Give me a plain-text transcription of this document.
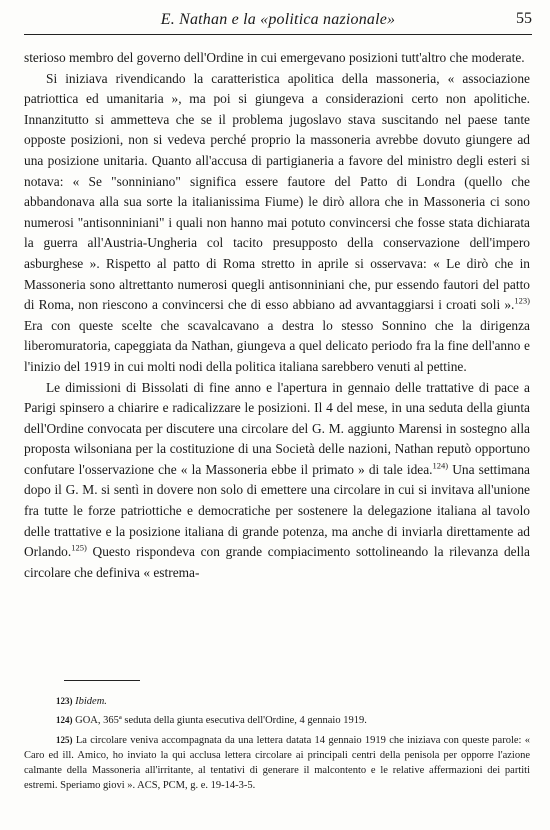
E. Nathan e la «politica nazionale»	55

sterioso membro del governo dell'Ordine in cui emergevano posizioni tutt'altro che moderate.

Si iniziava rivendicando la caratteristica apolitica della massoneria, « associazione patriottica ed umanitaria », ma poi si giungeva a considerazioni certo non apolitiche. Innanzitutto si ammetteva che se il problema jugoslavo stava suscitando nel paese tante opposte posizioni, non si vedeva perché proprio la massoneria avrebbe dovuto giungere ad una posizione unitaria. Quanto all'accusa di partigianeria a favore del ministro degli esteri si notava: « Se "sonniniano" significa essere fautore del Patto di Londra (quello che abbandonava alla sua sorte la italianissima Fiume) le dirò allora che in Massoneria ci sono numerosi "antisonniniani" i quali non hanno mai potuto convincersi che fosse stata dichiarata la guerra all'Austria-Ungheria col tacito presupposto della conservazione dell'impero asburghese ». Rispetto al patto di Roma stretto in aprile si osservava: « Le dirò che in Massoneria sono altrettanto numerosi quegli antisonniniani che, pur essendo fautori del patto di Roma, non riescono a convincersi che di esso abbiano ad avvantaggiarsi i croati soli ».$^{123)}$ Era con queste scelte che scavalcavano a destra lo stesso Sonnino che la dirigenza liberomuratoria, capeggiata da Nathan, giungeva a quel delicato periodo fra la fine dell'anno e l'inizio del 1919 in cui molti nodi della politica italiana sarebbero venuti al pettine.

Le dimissioni di Bissolati di fine anno e l'apertura in gennaio delle trattative di pace a Parigi spinsero a chiarire e radicalizzare le posizioni. Il 4 del mese, in una seduta della giunta dell'Ordine convocata per discutere una circolare del G. M. aggiunto Marensi in sostegno alla proposta wilsoniana per la costituzione di una Società delle nazioni, Nathan reputò opportuno confutare l'osservazione che « la Massoneria ebbe il primato » di tale idea.$^{124)}$ Una settimana dopo il G. M. si sentì in dovere non solo di emettere una circolare in cui si invitava all'unione fra tutte le forze patriottiche e democratiche per sostenere la delegazione italiana al tavolo delle trattative e la posizione italiana di grande potenza, ma anche di inviarla direttamente ad Orlando.$^{125)}$ Questo rispondeva con grande compiacimento sottolineando la rilevanza della circolare che definiva « estrema-

123) Ibidem.

124) GOA, 365ª seduta della giunta esecutiva dell'Ordine, 4 gennaio 1919.

125) La circolare veniva accompagnata da una lettera datata 14 gennaio 1919 che iniziava con queste parole: « Caro ed ill. Amico, ho inviato la qui acclusa lettera circolare ai principali centri della penisola per opporre l'azione calmante della Massoneria all'irritante, al tentativi di generare il malcontento e le relative affermazioni dei partiti estremi. Speriamo giovi ». ACS, PCM, g. e. 19-14-3-5.
